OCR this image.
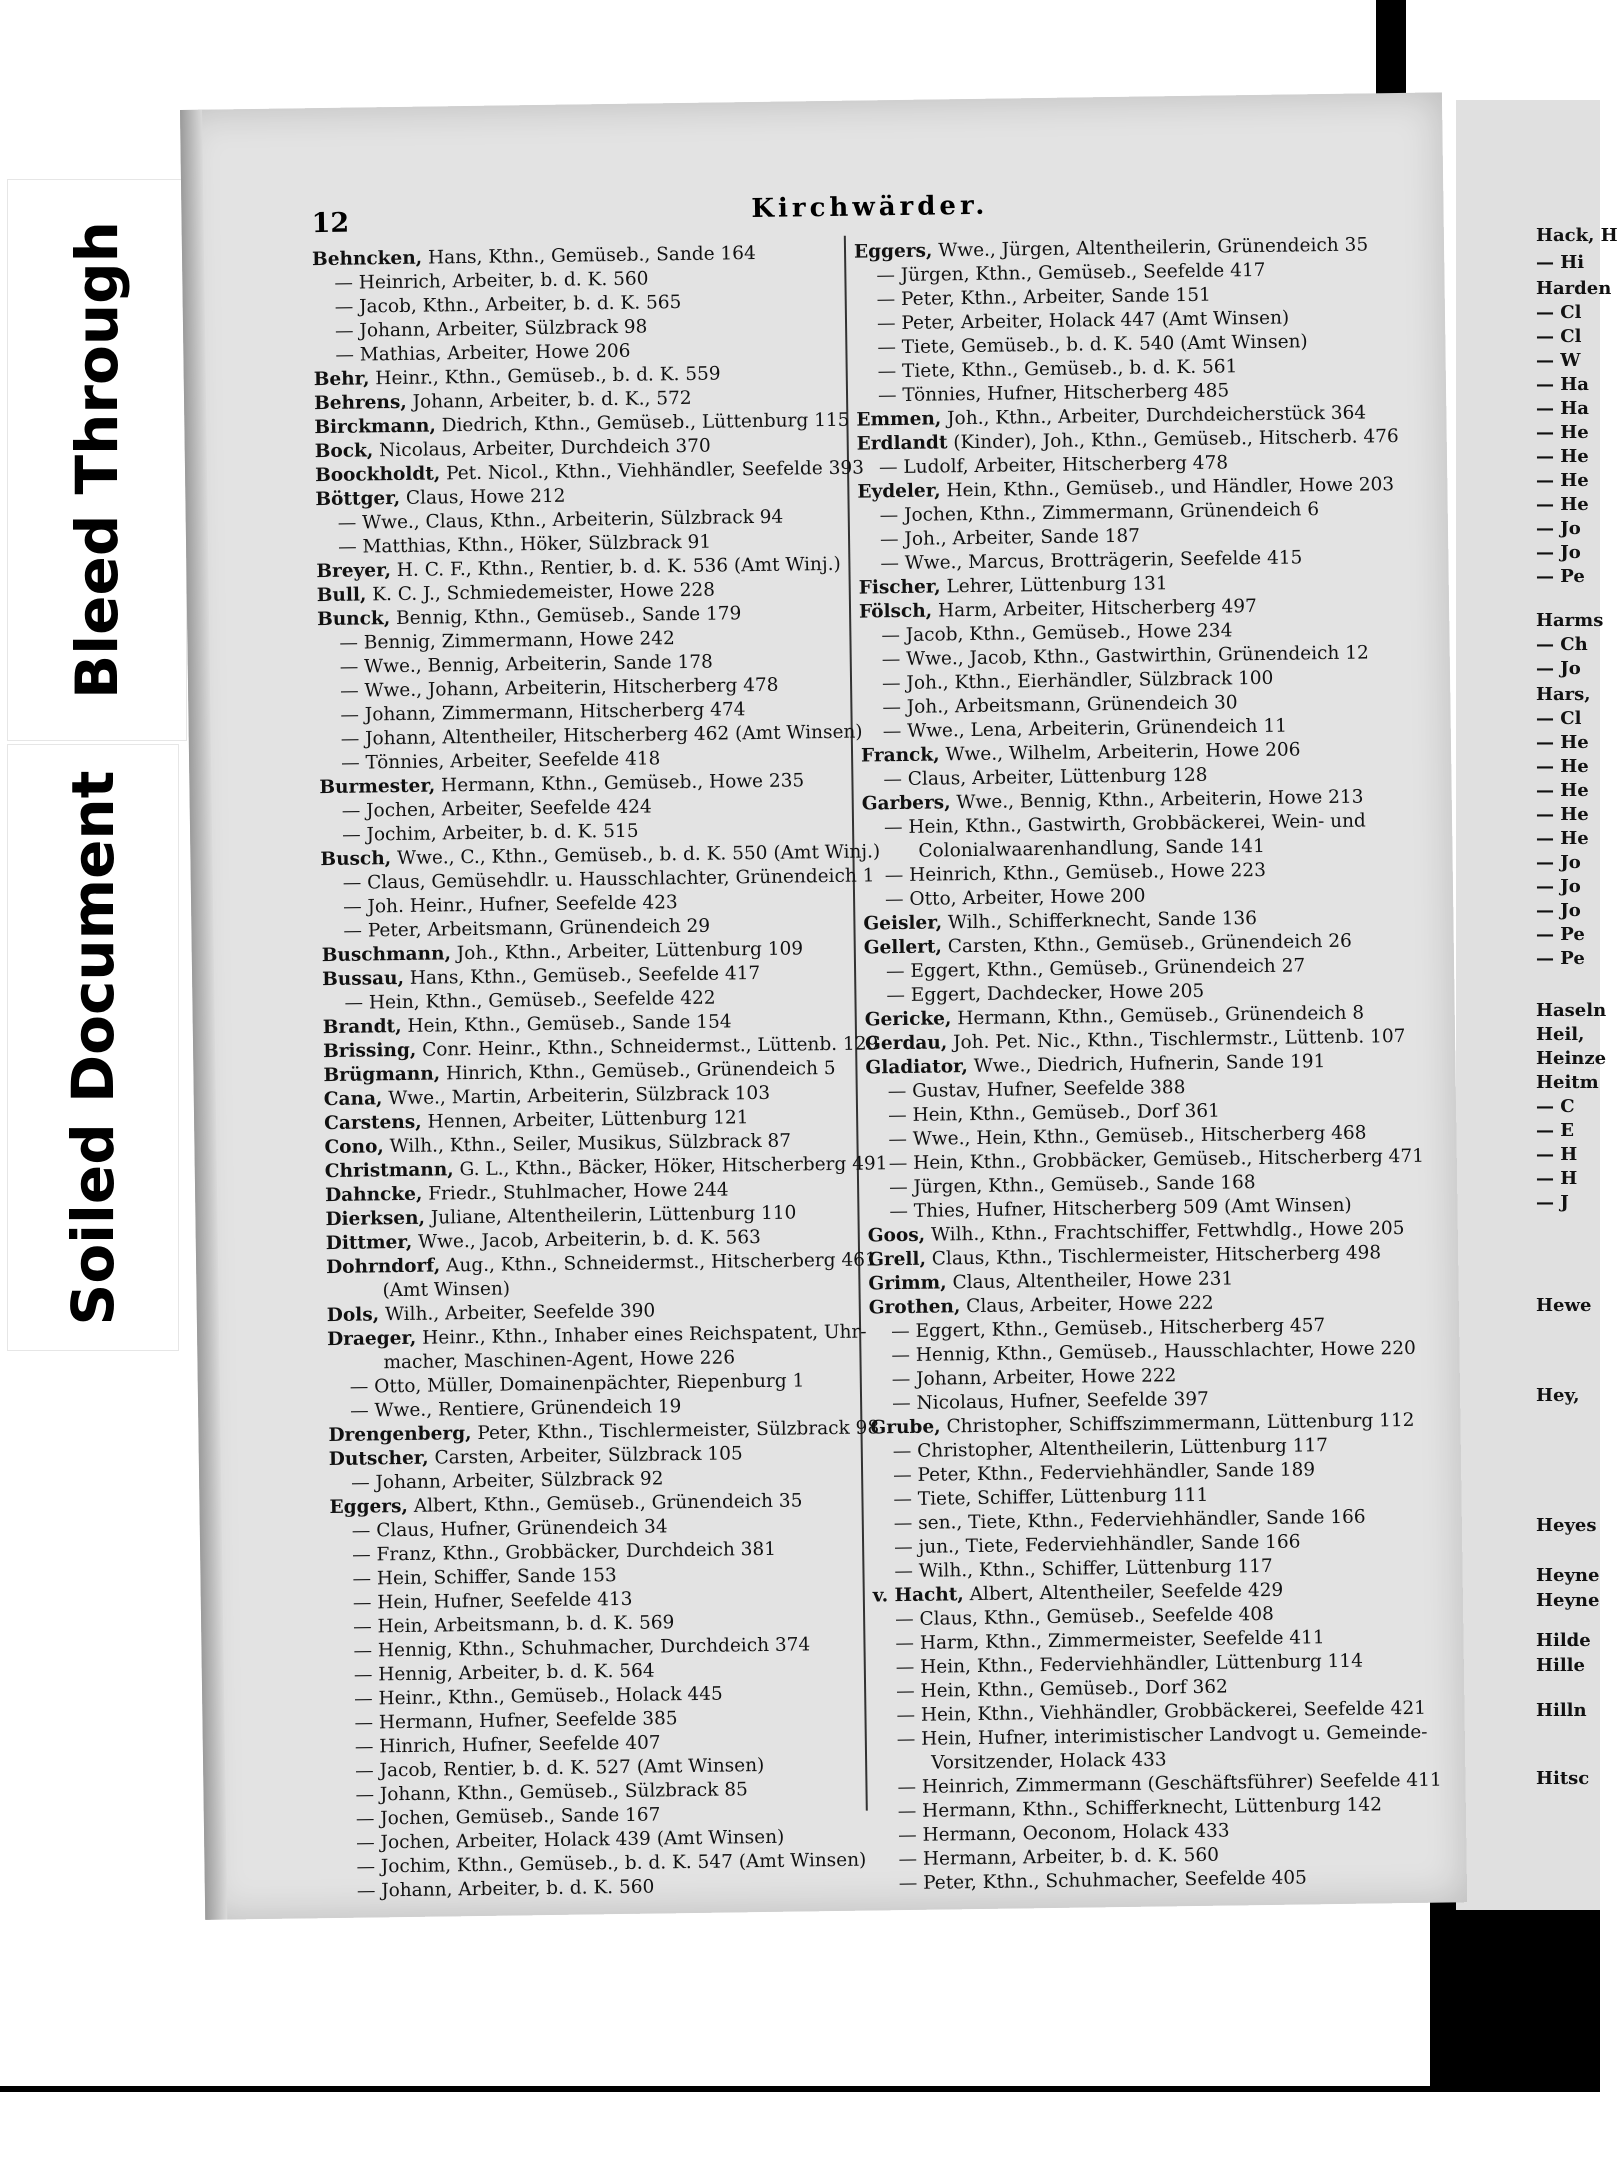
Bleed Through
Soiled Document
Hack, H
— Hi
Harden
— Cl
— Cl
— W
— Ha
— Ha
— He
— He
— He
— He
— Jo
— Jo
— Pe
Harms
— Ch
— Jo
Hars,
— Cl
— He
— He
— He
— He
— He
— Jo
— Jo
— Jo
— Pe
— Pe
Haseln
Heil,
Heinze
Heitm
— C
— E
— H
— H
— J
Hewe
Hey,
Heyes
Heyne
Heyne
Hilde
Hille
Hilln
Hitsc
12	Kirchwärder.
Behncken, Hans, Kthn., Gemüseb., Sande 164
— Heinrich, Arbeiter, b. d. K. 560
— Jacob, Kthn., Arbeiter, b. d. K. 565
— Johann, Arbeiter, Sülzbrack 98
— Mathias, Arbeiter, Howe 206
Behr, Heinr., Kthn., Gemüseb., b. d. K. 559
Behrens, Johann, Arbeiter, b. d. K., 572
Birckmann, Diedrich, Kthn., Gemüseb., Lüttenburg 115
Bock, Nicolaus, Arbeiter, Durchdeich 370
Boockholdt, Pet. Nicol., Kthn., Viehhändler, Seefelde 393
Böttger, Claus, Howe 212
— Wwe., Claus, Kthn., Arbeiterin, Sülzbrack 94
— Matthias, Kthn., Höker, Sülzbrack 91
Breyer, H. C. F., Kthn., Rentier, b. d. K. 536 (Amt Winj.)
Bull, K. C. J., Schmiedemeister, Howe 228
Bunck, Bennig, Kthn., Gemüseb., Sande 179
— Bennig, Zimmermann, Howe 242
— Wwe., Bennig, Arbeiterin, Sande 178
— Wwe., Johann, Arbeiterin, Hitscherberg 478
— Johann, Zimmermann, Hitscherberg 474
— Johann, Altentheiler, Hitscherberg 462 (Amt Winsen)
— Tönnies, Arbeiter, Seefelde 418
Burmester, Hermann, Kthn., Gemüseb., Howe 235
— Jochen, Arbeiter, Seefelde 424
— Jochim, Arbeiter, b. d. K. 515
Busch, Wwe., C., Kthn., Gemüseb., b. d. K. 550 (Amt Winj.)
— Claus, Gemüsehdlr. u. Hausschlachter, Grünendeich 1
— Joh. Heinr., Hufner, Seefelde 423
— Peter, Arbeitsmann, Grünendeich 29
Buschmann, Joh., Kthn., Arbeiter, Lüttenburg 109
Bussau, Hans, Kthn., Gemüseb., Seefelde 417
— Hein, Kthn., Gemüseb., Seefelde 422
Brandt, Hein, Kthn., Gemüseb., Sande 154
Brissing, Conr. Heinr., Kthn., Schneidermst., Lüttenb. 129
Brügmann, Hinrich, Kthn., Gemüseb., Grünendeich 5
Cana, Wwe., Martin, Arbeiterin, Sülzbrack 103
Carstens, Hennen, Arbeiter, Lüttenburg 121
Cono, Wilh., Kthn., Seiler, Musikus, Sülzbrack 87
Christmann, G. L., Kthn., Bäcker, Höker, Hitscherberg 491
Dahncke, Friedr., Stuhlmacher, Howe 244
Dierksen, Juliane, Altentheilerin, Lüttenburg 110
Dittmer, Wwe., Jacob, Arbeiterin, b. d. K. 563
Dohrndorf, Aug., Kthn., Schneidermst., Hitscherberg 461
(Amt Winsen)
Dols, Wilh., Arbeiter, Seefelde 390
Draeger, Heinr., Kthn., Inhaber eines Reichspatent, Uhr-
macher, Maschinen-Agent, Howe 226
— Otto, Müller, Domainenpächter, Riepenburg 1
— Wwe., Rentiere, Grünendeich 19
Drengenberg, Peter, Kthn., Tischlermeister, Sülzbrack 98
Dutscher, Carsten, Arbeiter, Sülzbrack 105
— Johann, Arbeiter, Sülzbrack 92
Eggers, Albert, Kthn., Gemüseb., Grünendeich 35
— Claus, Hufner, Grünendeich 34
— Franz, Kthn., Grobbäcker, Durchdeich 381
— Hein, Schiffer, Sande 153
— Hein, Hufner, Seefelde 413
— Hein, Arbeitsmann, b. d. K. 569
— Hennig, Kthn., Schuhmacher, Durchdeich 374
— Hennig, Arbeiter, b. d. K. 564
— Heinr., Kthn., Gemüseb., Holack 445
— Hermann, Hufner, Seefelde 385
— Hinrich, Hufner, Seefelde 407
— Jacob, Rentier, b. d. K. 527 (Amt Winsen)
— Johann, Kthn., Gemüseb., Sülzbrack 85
— Jochen, Gemüseb., Sande 167
— Jochen, Arbeiter, Holack 439 (Amt Winsen)
— Jochim, Kthn., Gemüseb., b. d. K. 547 (Amt Winsen)
— Johann, Arbeiter, b. d. K. 560
Eggers, Wwe., Jürgen, Altentheilerin, Grünendeich 35
— Jürgen, Kthn., Gemüseb., Seefelde 417
— Peter, Kthn., Arbeiter, Sande 151
— Peter, Arbeiter, Holack 447 (Amt Winsen)
— Tiete, Gemüseb., b. d. K. 540 (Amt Winsen)
— Tiete, Kthn., Gemüseb., b. d. K. 561
— Tönnies, Hufner, Hitscherberg 485
Emmen, Joh., Kthn., Arbeiter, Durchdeicherstück 364
Erdlandt (Kinder), Joh., Kthn., Gemüseb., Hitscherb. 476
— Ludolf, Arbeiter, Hitscherberg 478
Eydeler, Hein, Kthn., Gemüseb., und Händler, Howe 203
— Jochen, Kthn., Zimmermann, Grünendeich 6
— Joh., Arbeiter, Sande 187
— Wwe., Marcus, Brotträgerin, Seefelde 415
Fischer, Lehrer, Lüttenburg 131
Fölsch, Harm, Arbeiter, Hitscherberg 497
— Jacob, Kthn., Gemüseb., Howe 234
— Wwe., Jacob, Kthn., Gastwirthin, Grünendeich 12
— Joh., Kthn., Eierhändler, Sülzbrack 100
— Joh., Arbeitsmann, Grünendeich 30
— Wwe., Lena, Arbeiterin, Grünendeich 11
Franck, Wwe., Wilhelm, Arbeiterin, Howe 206
— Claus, Arbeiter, Lüttenburg 128
Garbers, Wwe., Bennig, Kthn., Arbeiterin, Howe 213
— Hein, Kthn., Gastwirth, Grobbäckerei, Wein- und
Colonialwaarenhandlung, Sande 141
— Heinrich, Kthn., Gemüseb., Howe 223
— Otto, Arbeiter, Howe 200
Geisler, Wilh., Schifferknecht, Sande 136
Gellert, Carsten, Kthn., Gemüseb., Grünendeich 26
— Eggert, Kthn., Gemüseb., Grünendeich 27
— Eggert, Dachdecker, Howe 205
Gericke, Hermann, Kthn., Gemüseb., Grünendeich 8
Gerdau, Joh. Pet. Nic., Kthn., Tischlermstr., Lüttenb. 107
Gladiator, Wwe., Diedrich, Hufnerin, Sande 191
— Gustav, Hufner, Seefelde 388
— Hein, Kthn., Gemüseb., Dorf 361
— Wwe., Hein, Kthn., Gemüseb., Hitscherberg 468
— Hein, Kthn., Grobbäcker, Gemüseb., Hitscherberg 471
— Jürgen, Kthn., Gemüseb., Sande 168
— Thies, Hufner, Hitscherberg 509 (Amt Winsen)
Goos, Wilh., Kthn., Frachtschiffer, Fettwhdlg., Howe 205
Grell, Claus, Kthn., Tischlermeister, Hitscherberg 498
Grimm, Claus, Altentheiler, Howe 231
Grothen, Claus, Arbeiter, Howe 222
— Eggert, Kthn., Gemüseb., Hitscherberg 457
— Hennig, Kthn., Gemüseb., Hausschlachter, Howe 220
— Johann, Arbeiter, Howe 222
— Nicolaus, Hufner, Seefelde 397
Grube, Christopher, Schiffszimmermann, Lüttenburg 112
— Christopher, Altentheilerin, Lüttenburg 117
— Peter, Kthn., Federviehhändler, Sande 189
— Tiete, Schiffer, Lüttenburg 111
— sen., Tiete, Kthn., Federviehhändler, Sande 166
— jun., Tiete, Federviehhändler, Sande 166
— Wilh., Kthn., Schiffer, Lüttenburg 117
v. Hacht, Albert, Altentheiler, Seefelde 429
— Claus, Kthn., Gemüseb., Seefelde 408
— Harm, Kthn., Zimmermeister, Seefelde 411
— Hein, Kthn., Federviehhändler, Lüttenburg 114
— Hein, Kthn., Gemüseb., Dorf 362
— Hein, Kthn., Viehhändler, Grobbäckerei, Seefelde 421
— Hein, Hufner, interimistischer Landvogt u. Gemeinde-
Vorsitzender, Holack 433
— Heinrich, Zimmermann (Geschäftsführer) Seefelde 411
— Hermann, Kthn., Schifferknecht, Lüttenburg 142
— Hermann, Oeconom, Holack 433
— Hermann, Arbeiter, b. d. K. 560
— Peter, Kthn., Schuhmacher, Seefelde 405
